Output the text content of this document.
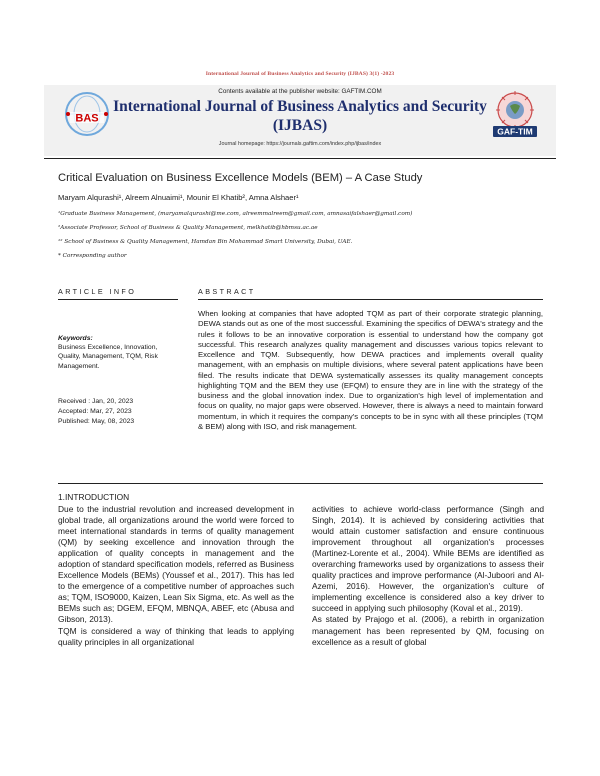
International Journal of Business Analytics and Security (IJBAS) 3(1) -2023
BAS
GAF-TIM
Contents available at the publisher website: GAFTIM.COM
International Journal of Business Analytics and Security (IJBAS)
Journal homepage: https://journals.gaftim.com/index.php/ijbas/index
Critical Evaluation on Business Excellence Models (BEM) – A Case Study
Maryam Alqurashi¹, Alreem Alnuaimi¹, Mounir El Khatib², Amna Alshaer¹
¹Graduate Business Management, (maryamalqurashi@me.com, alreemmalreem@gmail.com, amnasaifalshaer@gmail.com)
²Associate Professor, School of Business & Quality Management, melkhatib@hbmsu.ac.ae
¹² School of Business & Quality Management, Hamdan Bin Mohammad Smart University, Dubai, UAE.
* Corresponding author
ARTICLE INFO	ABSTRACT
Keywords:
Business Excellence, Innovation, Quality, Management, TQM, Risk Management.
Received : Jan, 20, 2023
Accepted: Mar, 27, 2023
Published: May, 08, 2023
When looking at companies that have adopted TQM as part of their corporate strategic planning, DEWA stands out as one of the most successful. Examining the specifics of DEWA's strategy and the rules it follows to be an innovative corporation is essential to understand how the company got successful. This research analyzes quality management and discusses various topics relevant to Excellence and TQM. Subsequently, how DEWA practices and implements overall quality management, with an emphasis on multiple divisions, where several patent applications have been filed. The results indicate that DEWA systematically assesses its quality management concepts highlighting TQM and the BEM they use (EFQM) to ensure they are in line with the strategy of the business and the global innovation index. Due to organization's high level of implementation and focus on quality, no major gaps were observed. However, there is always a need to maintain forward momentum, in which it requires the company's concepts to be in sync with all these principles (TQM & BEM) along with ISO, and risk management.
1.INTRODUCTION

Due to the industrial revolution and increased development in global trade, all organizations around the world were forced to meet international standards in terms of quality management (QM) by seeking excellence and innovation through the application of quality concepts in management and the adoption of standard specification models, referred as Business Excellence Models (BEMs) (Youssef et al., 2017). This has led to the emergence of a competitive number of approaches such as; TQM, ISO9000, Kaizen, Lean Six Sigma, etc. As well as the BEMs such as; DGEM, EFQM, MBNQA, ABEF, etc (Abusa and Gibson, 2013).

TQM is considered a way of thinking that leads to applying quality principles in all organizational

activities to achieve world-class performance (Singh and Singh, 2014). It is achieved by considering activities that would attain customer satisfaction and ensure continuous improvement throughout all organization's processes (Martinez-Lorente et al., 2004). While BEMs are identified as overarching frameworks used by organizations to assess their quality practices and improve performance (Al-Juboori and Al-Azemi, 2016). However, the organization's culture of implementing excellence is considered also a key driver to succeed in applying such philosophy (Koval et al., 2019).

As stated by Prajogo et al. (2006), a rebirth in organization management has been represented by QM, focusing on excellence as a result of global
